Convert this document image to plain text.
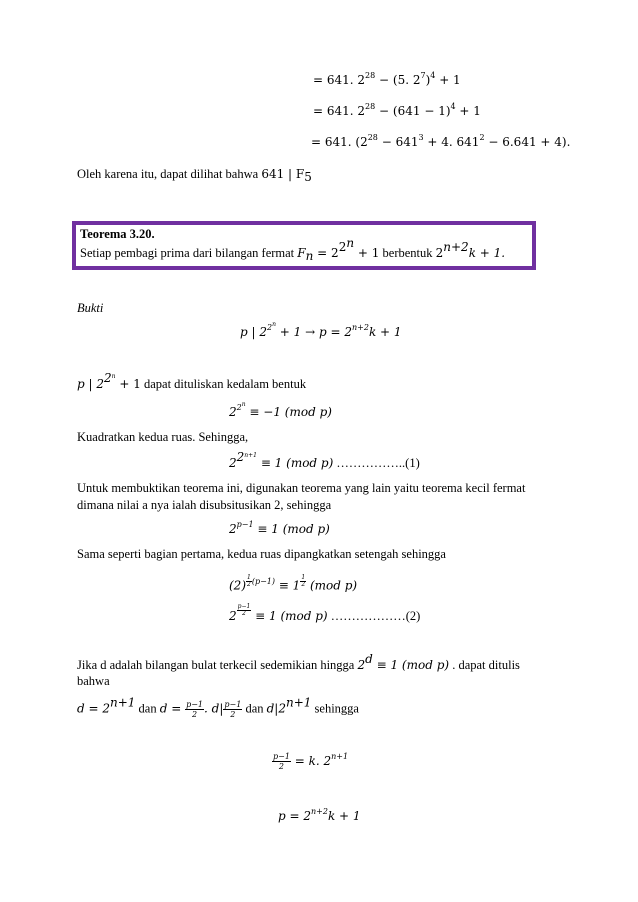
= 641. $2^{28} - (5$. $2^7)^4 + 1$
= 641. $2^{28} - (641 - 1)^4 + 1$
= 641. ($2^{28} - 641^3 + 4$. $641^2 - 6.641 + 4$).
Oleh karena itu, dapat dilihat bahwa 641 | $F_5$
Teorema 3.20.
Setiap pembagi prima dari bilangan fermat $F_n = 2^{2^n} + 1$ berbentuk $2^{n+2}k + 1$.
Bukti
p | $2^{2^n} + 1 \to p = 2^{n+2}k + 1$
p | $2^{2^n} + 1$ dapat dituliskan kedalam bentuk
$2^{2^n} \equiv -1$ (mod p)
Kuadratkan kedua ruas. Sehingga,
$2^{2^{n+1}} \equiv 1$ (mod p) ……………..(1)
Untuk membuktikan teorema ini, digunakan teorema yang lain yaitu teorema kecil fermat
dimana nilai a nya ialah disubsitusikan 2, sehingga
$2^{p-1} \equiv 1$ (mod p)
Sama seperti bagian pertama, kedua ruas dipangkatkan setengah sehingga
(2) $^{\frac{1}{2} (p-1)}$ ≡ 1 $^{\frac{1}{2}}$ (mod p)
2 $^{\frac{p-1}{2}}$ ≡ 1 (mod p) ………………(2)
Jika d adalah bilangan bulat terkecil sedemikian hingga $2^d \equiv 1$ (mod p) . dapat ditulis
bahwa
$d = 2^{n+1}$ dan $d = \frac{p-1}{2}$ . $d| \frac{p-1}{2}$ dan $d|2^{n+1}$ sehingga
$\frac{p-1}{2} = k$. $2^{n+1}$
$p = 2^{n+2}k + 1$
